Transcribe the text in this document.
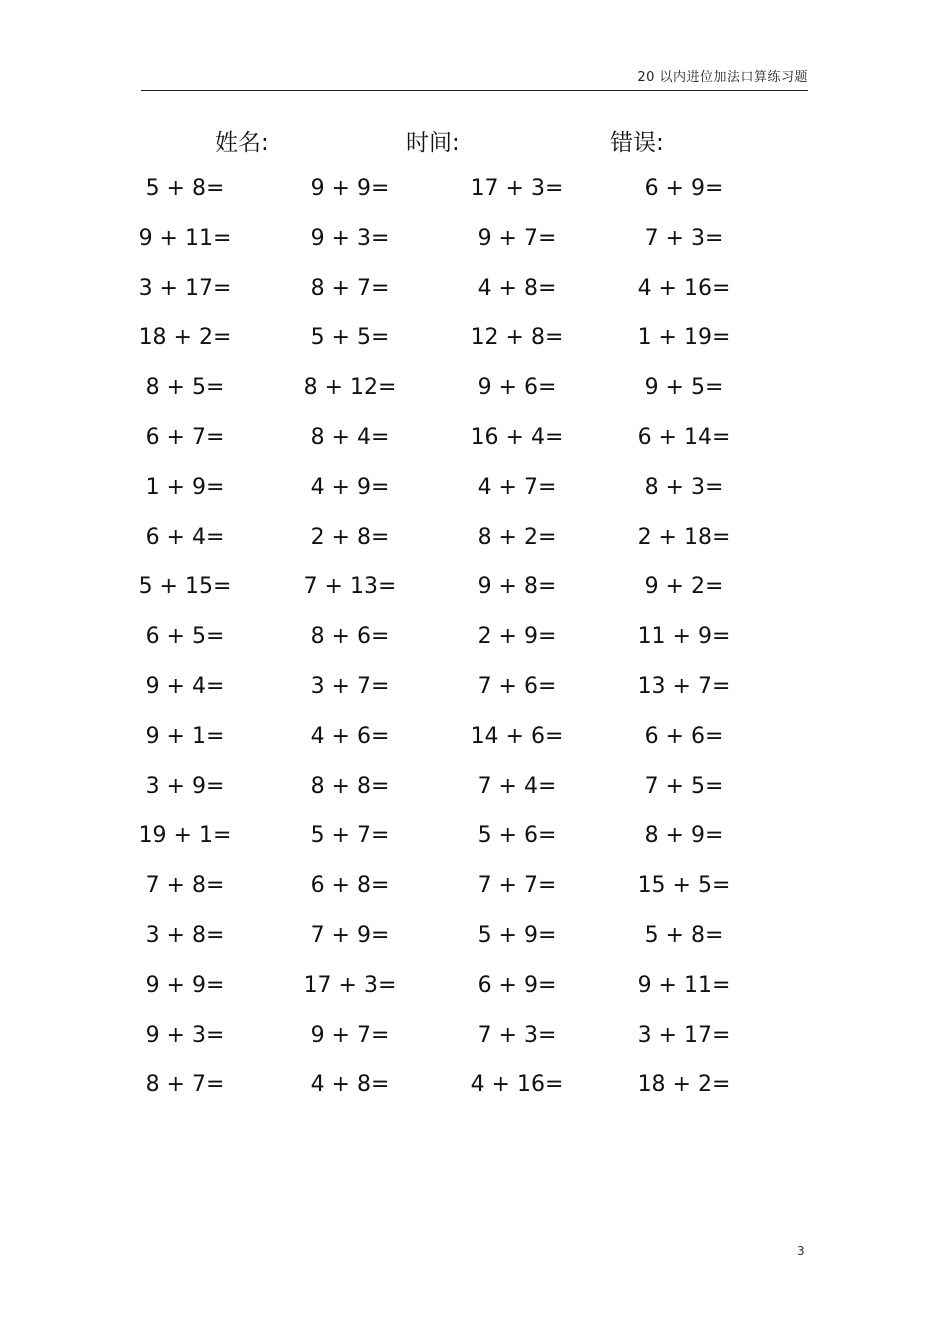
20 以内进位加法口算练习题
姓名:	时间:	错误:
5 + 8=	9 + 9=	17 + 3=	6 + 9=
9 + 11=	9 + 3=	9 + 7=	7 + 3=
3 + 17=	8 + 7=	4 + 8=	4 + 16=
18 + 2=	5 + 5=	12 + 8=	1 + 19=
8 + 5=	8 + 12=	9 + 6=	9 + 5=
6 + 7=	8 + 4=	16 + 4=	6 + 14=
1 + 9=	4 + 9=	4 + 7=	8 + 3=
6 + 4=	2 + 8=	8 + 2=	2 + 18=
5 + 15=	7 + 13=	9 + 8=	9 + 2=
6 + 5=	8 + 6=	2 + 9=	11 + 9=
9 + 4=	3 + 7=	7 + 6=	13 + 7=
9 + 1=	4 + 6=	14 + 6=	6 + 6=
3 + 9=	8 + 8=	7 + 4=	7 + 5=
19 + 1=	5 + 7=	5 + 6=	8 + 9=
7 + 8=	6 + 8=	7 + 7=	15 + 5=
3 + 8=	7 + 9=	5 + 9=	5 + 8=
9 + 9=	17 + 3=	6 + 9=	9 + 11=
9 + 3=	9 + 7=	7 + 3=	3 + 17=
8 + 7=	4 + 8=	4 + 16=	18 + 2=
3
